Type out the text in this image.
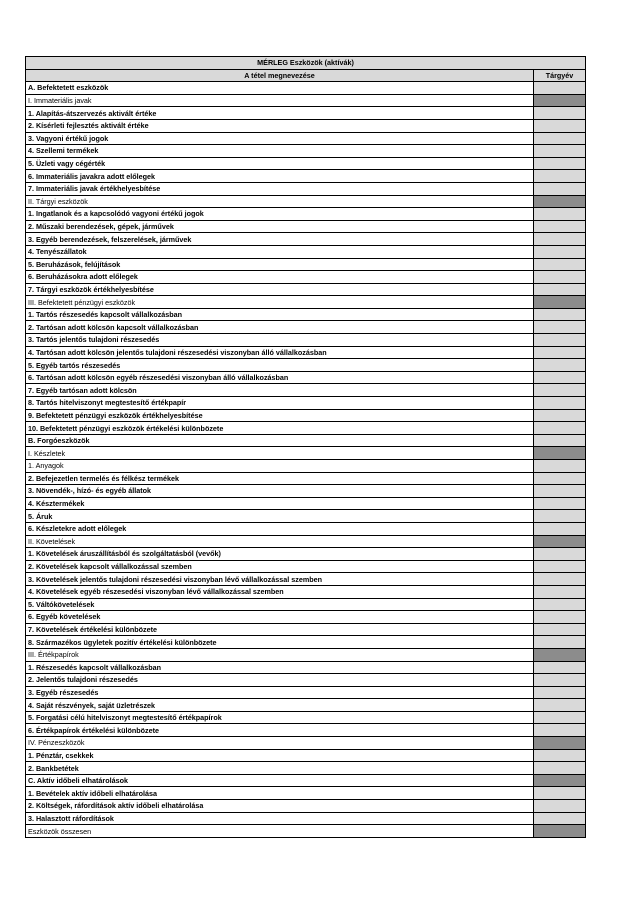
MÉRLEG Eszközök (aktívák)	
A tétel megnevezése	Tárgyév
A. Befektetett eszközök	
I. Immateriális javak	
1. Alapítás-átszervezés aktivált értéke	
2. Kísérleti fejlesztés aktivált értéke	
3. Vagyoni értékű jogok	
4. Szellemi termékek	
5. Üzleti vagy cégérték	
6. Immateriális javakra adott előlegek	
7. Immateriális javak értékhelyesbítése	
II. Tárgyi eszközök	
1. Ingatlanok és a kapcsolódó vagyoni értékű jogok	
2. Műszaki berendezések, gépek, járművek	
3. Egyéb berendezések, felszerelések, járművek	
4. Tenyészállatok	
5. Beruházások, felújítások	
6. Beruházásokra adott előlegek	
7. Tárgyi eszközök értékhelyesbítése	
III. Befektetett pénzügyi eszközök	
1. Tartós részesedés kapcsolt vállalkozásban	
2. Tartósan adott kölcsön kapcsolt vállalkozásban	
3. Tartós jelentős tulajdoni részesedés	
4. Tartósan adott kölcsön jelentős tulajdoni részesedési viszonyban álló vállalkozásban	
5. Egyéb tartós részesedés	
6. Tartósan adott kölcsön egyéb részesedési viszonyban álló vállalkozásban	
7. Egyéb tartósan adott kölcsön	
8. Tartós hitelviszonyt megtestesítő értékpapír	
9. Befektetett pénzügyi eszközök értékhelyesbítése	
10. Befektetett pénzügyi eszközök értékelési különbözete	
B. Forgóeszközök	
I. Készletek	
1. Anyagok	
2. Befejezetlen termelés és félkész termékek	
3. Növendék-, hízó- és egyéb állatok	
4. Késztermékek	
5. Áruk	
6. Készletekre adott előlegek	
II. Követelések	
1. Követelések áruszállításból és szolgáltatásból (vevők)	
2. Követelések kapcsolt vállalkozással szemben	
3. Követelések jelentős tulajdoni részesedési viszonyban lévő vállalkozással szemben	
4. Követelések egyéb részesedési viszonyban lévő vállalkozással szemben	
5. Váltókövetelések	
6. Egyéb követelések	
7. Követelések értékelési különbözete	
8. Származékos ügyletek pozitív értékelési különbözete	
III. Értékpapírok	
1. Részesedés kapcsolt vállalkozásban	
2. Jelentős tulajdoni részesedés	
3. Egyéb részesedés	
4. Saját részvények, saját üzletrészek	
5. Forgatási célú hitelviszonyt megtestesítő értékpapírok	
6. Értékpapírok értékelési különbözete	
IV. Pénzeszközök	
1. Pénztár, csekkek	
2. Bankbetétek	
C. Aktív időbeli elhatárolások	
1. Bevételek aktív időbeli elhatárolása	
2. Költségek, ráfordítások aktív időbeli elhatárolása	
3. Halasztott ráfordítások	
Eszközök összesen	
